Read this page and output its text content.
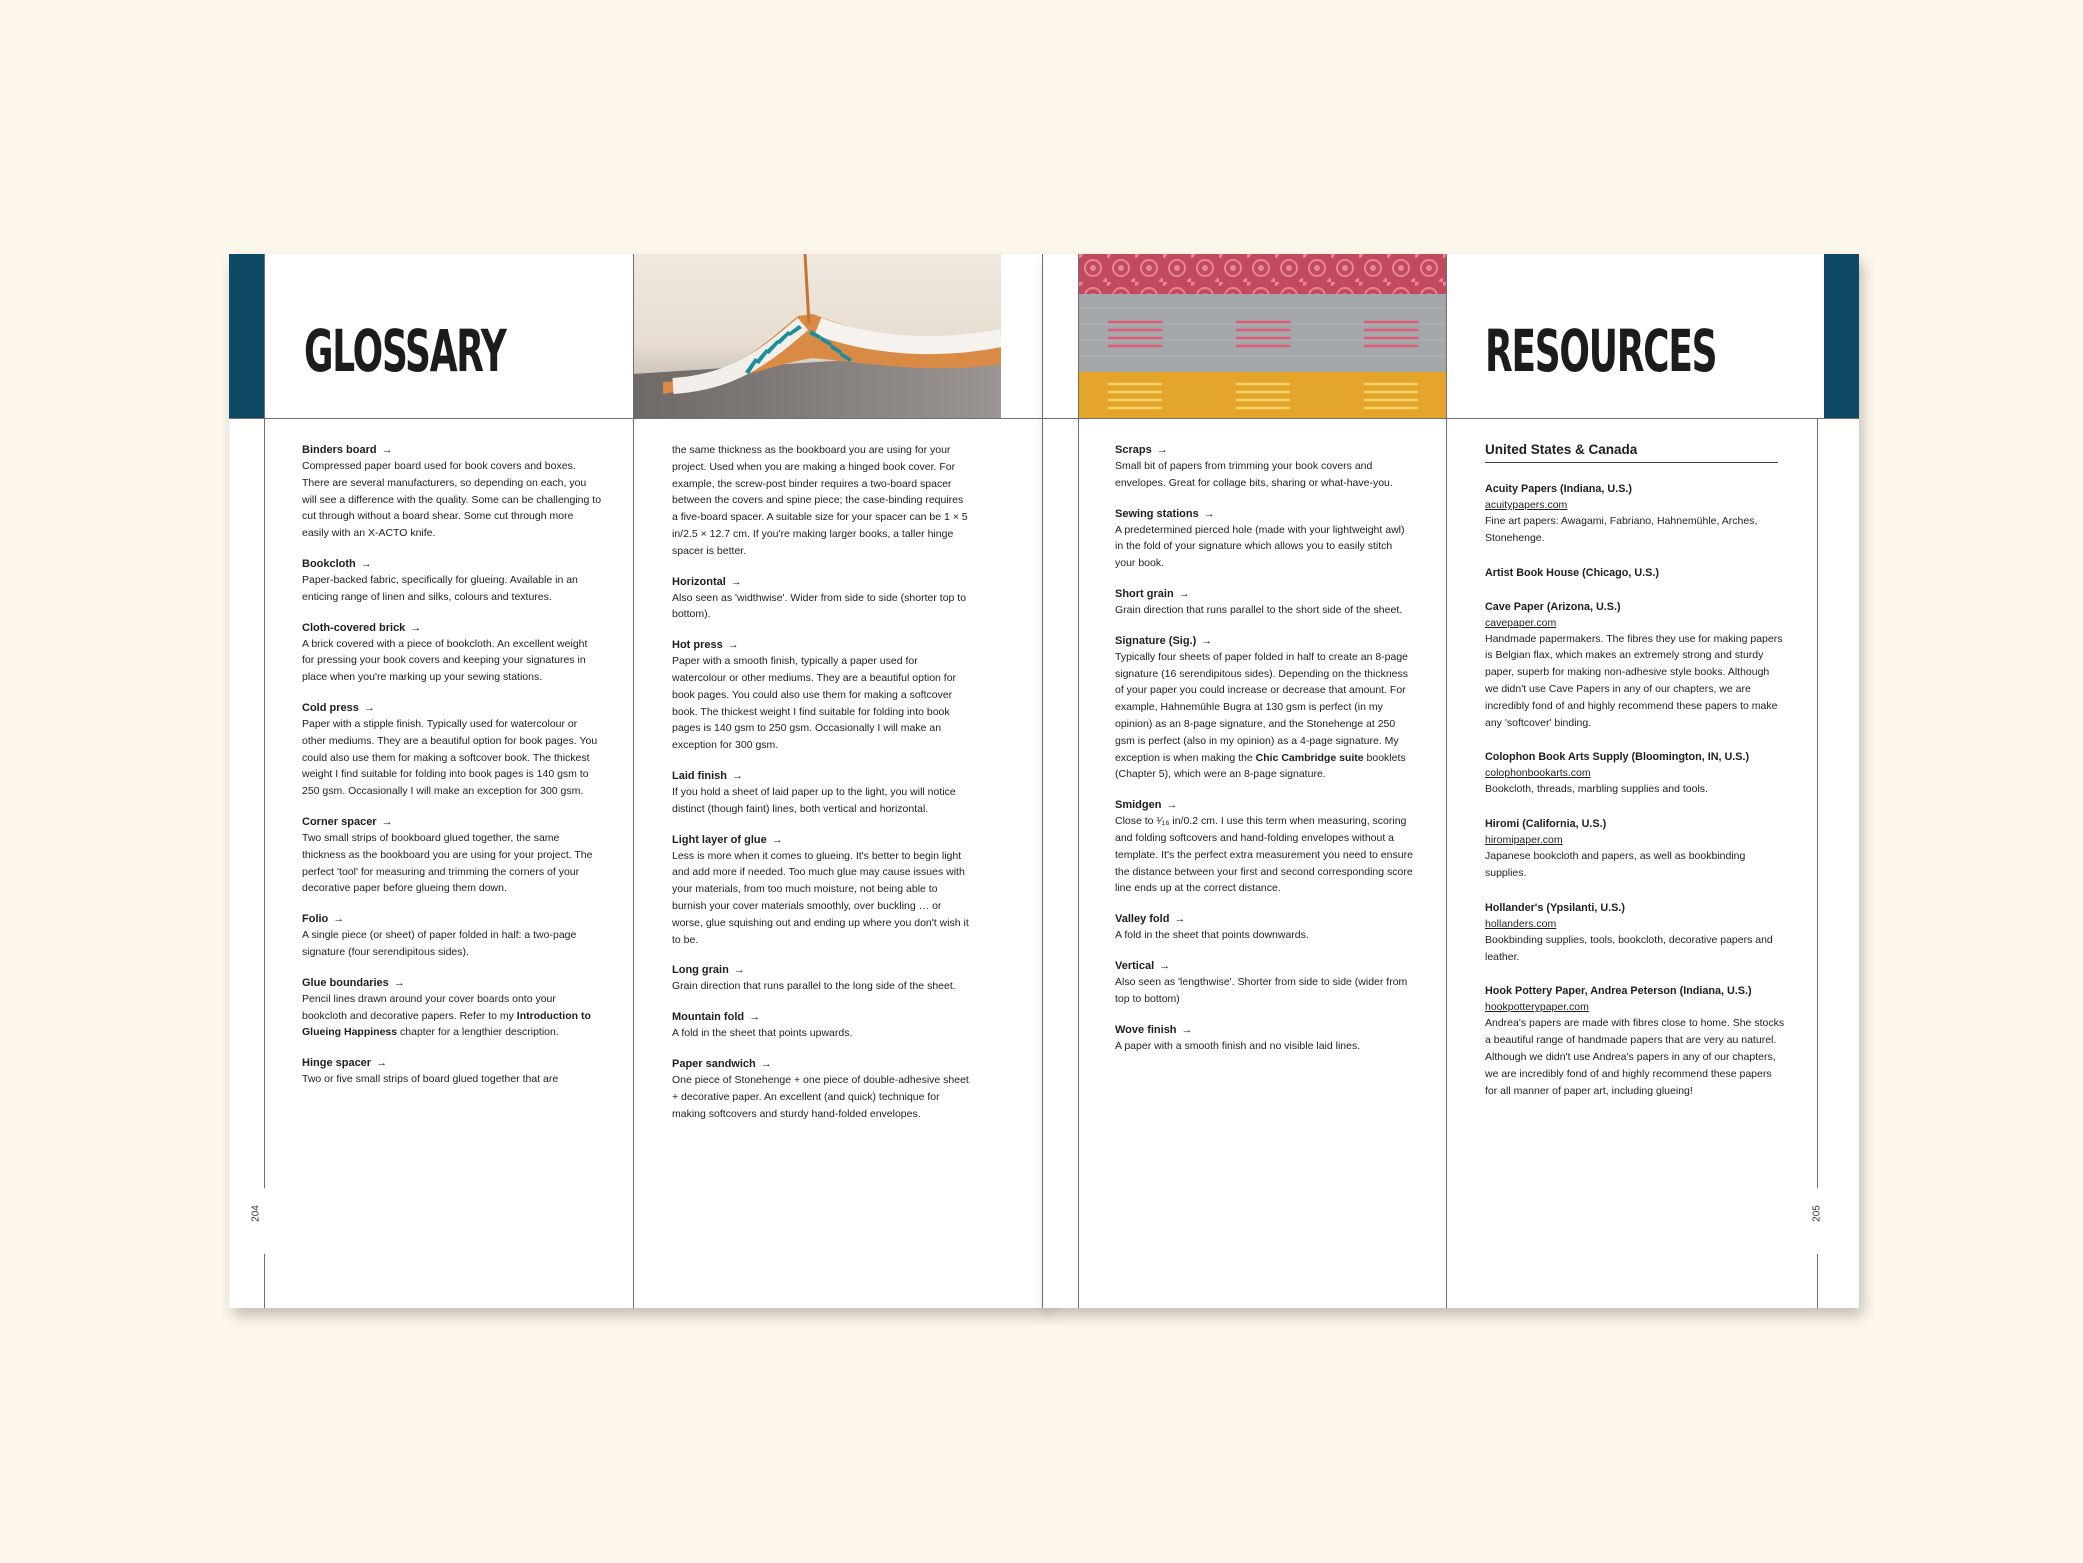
GLOSSARY
204

Binders board →

Compressed paper board used for book covers and boxes. There are several manufacturers, so depending on each, you will see a difference with the quality. Some can be challenging to cut through without a board shear. Some cut through more easily with an X-ACTO knife.

Bookcloth →

Paper-backed fabric, specifically for glueing. Available in an enticing range of linen and silks, colours and textures.

Cloth-covered brick →

A brick covered with a piece of bookcloth. An excellent weight for pressing your book covers and keeping your signatures in place when you're marking up your sewing stations.

Cold press →

Paper with a stipple finish. Typically used for watercolour or other mediums. They are a beautiful option for book pages. You could also use them for making a softcover book. The thickest weight I find suitable for folding into book pages is 140 gsm to 250 gsm. Occasionally I will make an exception for 300 gsm.

Corner spacer →

Two small strips of bookboard glued together, the same thickness as the bookboard you are using for your project. The perfect 'tool' for measuring and trimming the corners of your decorative paper before glueing them down.

Folio →

A single piece (or sheet) of paper folded in half: a two-page signature (four serendipitous sides).

Glue boundaries →

Pencil lines drawn around your cover boards onto your bookcloth and decorative papers. Refer to my Introduction to Glueing Happiness chapter for a lengthier description.

Hinge spacer →

Two or five small strips of board glued together that are

the same thickness as the bookboard you are using for your project. Used when you are making a hinged book cover. For example, the screw-post binder requires a two-board spacer between the covers and spine piece; the case-binding requires a five-board spacer. A suitable size for your spacer can be 1 × 5 in/2.5 × 12.7 cm. If you're making larger books, a taller hinge spacer is better.

Horizontal →

Also seen as 'widthwise'. Wider from side to side (shorter top to bottom).

Hot press →

Paper with a smooth finish, typically a paper used for watercolour or other mediums. They are a beautiful option for book pages. You could also use them for making a softcover book. The thickest weight I find suitable for folding into book pages is 140 gsm to 250 gsm. Occasionally I will make an exception for 300 gsm.

Laid finish →

If you hold a sheet of laid paper up to the light, you will notice distinct (though faint) lines, both vertical and horizontal.

Light layer of glue →

Less is more when it comes to glueing. It's better to begin light and add more if needed. Too much glue may cause issues with your materials, from too much moisture, not being able to burnish your cover materials smoothly, over buckling … or worse, glue squishing out and ending up where you don't wish it to be.

Long grain →

Grain direction that runs parallel to the long side of the sheet.

Mountain fold →

A fold in the sheet that points upwards.

Paper sandwich →

One piece of Stonehenge + one piece of double-adhesive sheet + decorative paper. An excellent (and quick) technique for making softcovers and sturdy hand-folded envelopes.

RESOURCES
205

Scraps →

Small bit of papers from trimming your book covers and envelopes. Great for collage bits, sharing or what-have-you.

Sewing stations →

A predetermined pierced hole (made with your lightweight awl) in the fold of your signature which allows you to easily stitch your book.

Short grain →

Grain direction that runs parallel to the short side of the sheet.

Signature (Sig.) →

Typically four sheets of paper folded in half to create an 8-page signature (16 serendipitous sides). Depending on the thickness of your paper you could increase or decrease that amount. For example, Hahnemühle Bugra at 130 gsm is perfect (in my opinion) as an 8-page signature, and the Stonehenge at 250 gsm is perfect (also in my opinion) as a 4-page signature. My exception is when making the Chic Cambridge suite booklets (Chapter 5), which were an 8-page signature.

Smidgen →

Close to ¹⁄₁₆ in/0.2 cm. I use this term when measuring, scoring and folding softcovers and hand-folding envelopes without a template. It's the perfect extra measurement you need to ensure the distance between your first and second corresponding score line ends up at the correct distance.

Valley fold →

A fold in the sheet that points downwards.

Vertical →

Also seen as 'lengthwise'. Shorter from side to side (wider from top to bottom)

Wove finish →

A paper with a smooth finish and no visible laid lines.

United States & Canada

Acuity Papers (Indiana, U.S.)

acuitypapers.com

Fine art papers: Awagami, Fabriano, Hahnemühle, Arches, Stonehenge.

Artist Book House (Chicago, U.S.)

Cave Paper (Arizona, U.S.)

cavepaper.com

Handmade papermakers. The fibres they use for making papers is Belgian flax, which makes an extremely strong and sturdy paper, superb for making non-adhesive style books. Although we didn't use Cave Papers in any of our chapters, we are incredibly fond of and highly recommend these papers to make any 'softcover' binding.

Colophon Book Arts Supply (Bloomington, IN, U.S.)

colophonbookarts.com

Bookcloth, threads, marbling supplies and tools.

Hiromi (California, U.S.)

hiromipaper.com

Japanese bookcloth and papers, as well as bookbinding supplies.

Hollander's (Ypsilanti, U.S.)

hollanders.com

Bookbinding supplies, tools, bookcloth, decorative papers and leather.

Hook Pottery Paper, Andrea Peterson (Indiana, U.S.)

hookpotterypaper.com

Andrea's papers are made with fibres close to home. She stocks a beautiful range of handmade papers that are very au naturel. Although we didn't use Andrea's papers in any of our chapters, we are incredibly fond of and highly recommend these papers for all manner of paper art, including glueing!
